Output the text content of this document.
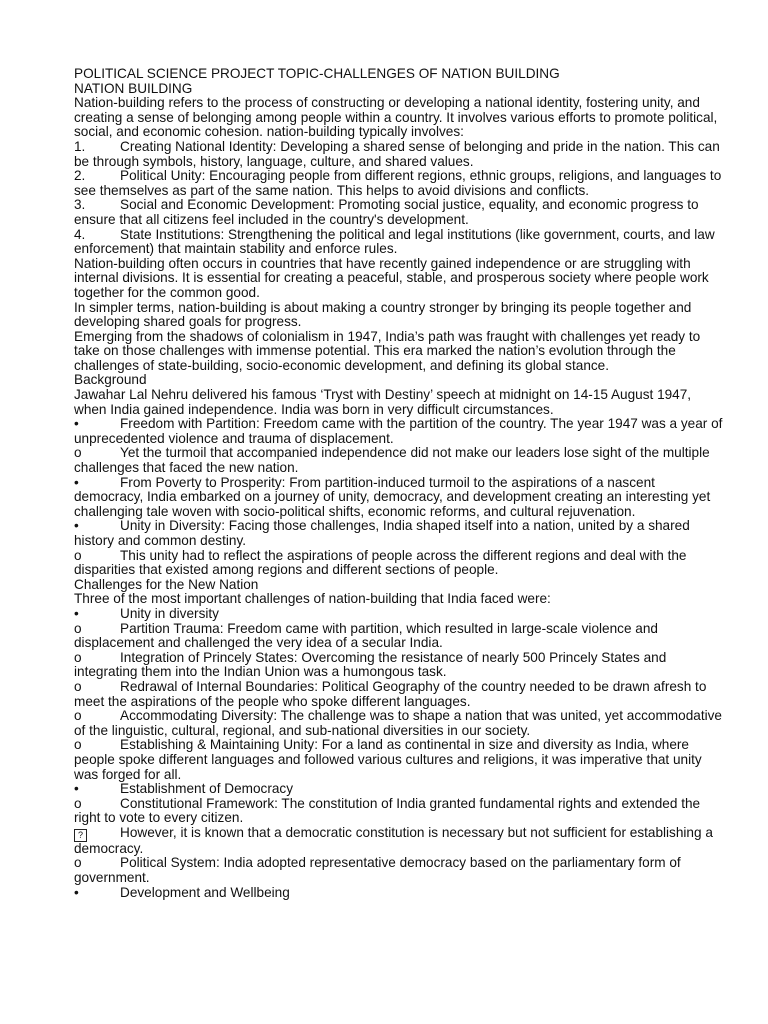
POLITICAL SCIENCE PROJECT TOPIC-CHALLENGES OF NATION BUILDING
NATION BUILDING
Nation-building refers to the process of constructing or developing a national identity, fostering unity, and creating a sense of belonging among people within a country. It involves various efforts to promote political, social, and economic cohesion. nation-building typically involves:
1.	Creating National Identity: Developing a shared sense of belonging and pride in the nation. This can be through symbols, history, language, culture, and shared values.
2.	Political Unity: Encouraging people from different regions, ethnic groups, religions, and languages to see themselves as part of the same nation. This helps to avoid divisions and conflicts.
3.	Social and Economic Development: Promoting social justice, equality, and economic progress to ensure that all citizens feel included in the country's development.
4.	State Institutions: Strengthening the political and legal institutions (like government, courts, and law enforcement) that maintain stability and enforce rules.
Nation-building often occurs in countries that have recently gained independence or are struggling with internal divisions. It is essential for creating a peaceful, stable, and prosperous society where people work together for the common good.
In simpler terms, nation-building is about making a country stronger by bringing its people together and developing shared goals for progress.
Emerging from the shadows of colonialism in 1947, India’s path was fraught with challenges yet ready to take on those challenges with immense potential. This era marked the nation’s evolution through the challenges of state-building, socio-economic development, and defining its global stance.
Background
Jawahar Lal Nehru delivered his famous ‘Tryst with Destiny’ speech at midnight on 14-15 August 1947, when India gained independence. India was born in very difficult circumstances.
•	Freedom with Partition: Freedom came with the partition of the country. The year 1947 was a year of unprecedented violence and trauma of displacement.
o	Yet the turmoil that accompanied independence did not make our leaders lose sight of the multiple challenges that faced the new nation.
•	From Poverty to Prosperity: From partition-induced turmoil to the aspirations of a nascent democracy, India embarked on a journey of unity, democracy, and development creating an interesting yet challenging tale woven with socio-political shifts, economic reforms, and cultural rejuvenation.
•	Unity in Diversity: Facing those challenges, India shaped itself into a nation, united by a shared history and common destiny.
o	This unity had to reflect the aspirations of people across the different regions and deal with the disparities that existed among regions and different sections of people.
Challenges for the New Nation
Three of the most important challenges of nation-building that India faced were:
•	Unity in diversity
o	Partition Trauma: Freedom came with partition, which resulted in large-scale violence and displacement and challenged the very idea of a secular India.
o	Integration of Princely States: Overcoming the resistance of nearly 500 Princely States and integrating them into the Indian Union was a humongous task.
o	Redrawal of Internal Boundaries: Political Geography of the country needed to be drawn afresh to meet the aspirations of the people who spoke different languages.
o	Accommodating Diversity: The challenge was to shape a nation that was united, yet accommodative of the linguistic, cultural, regional, and sub-national diversities in our society.
o	Establishing & Maintaining Unity: For a land as continental in size and diversity as India, where people spoke different languages and followed various cultures and religions, it was imperative that unity was forged for all.
•	Establishment of Democracy
o	Constitutional Framework: The constitution of India granted fundamental rights and extended the right to vote to every citizen.
?	However, it is known that a democratic constitution is necessary but not sufficient for establishing a democracy.
o	Political System: India adopted representative democracy based on the parliamentary form of government.
•	Development and Wellbeing
